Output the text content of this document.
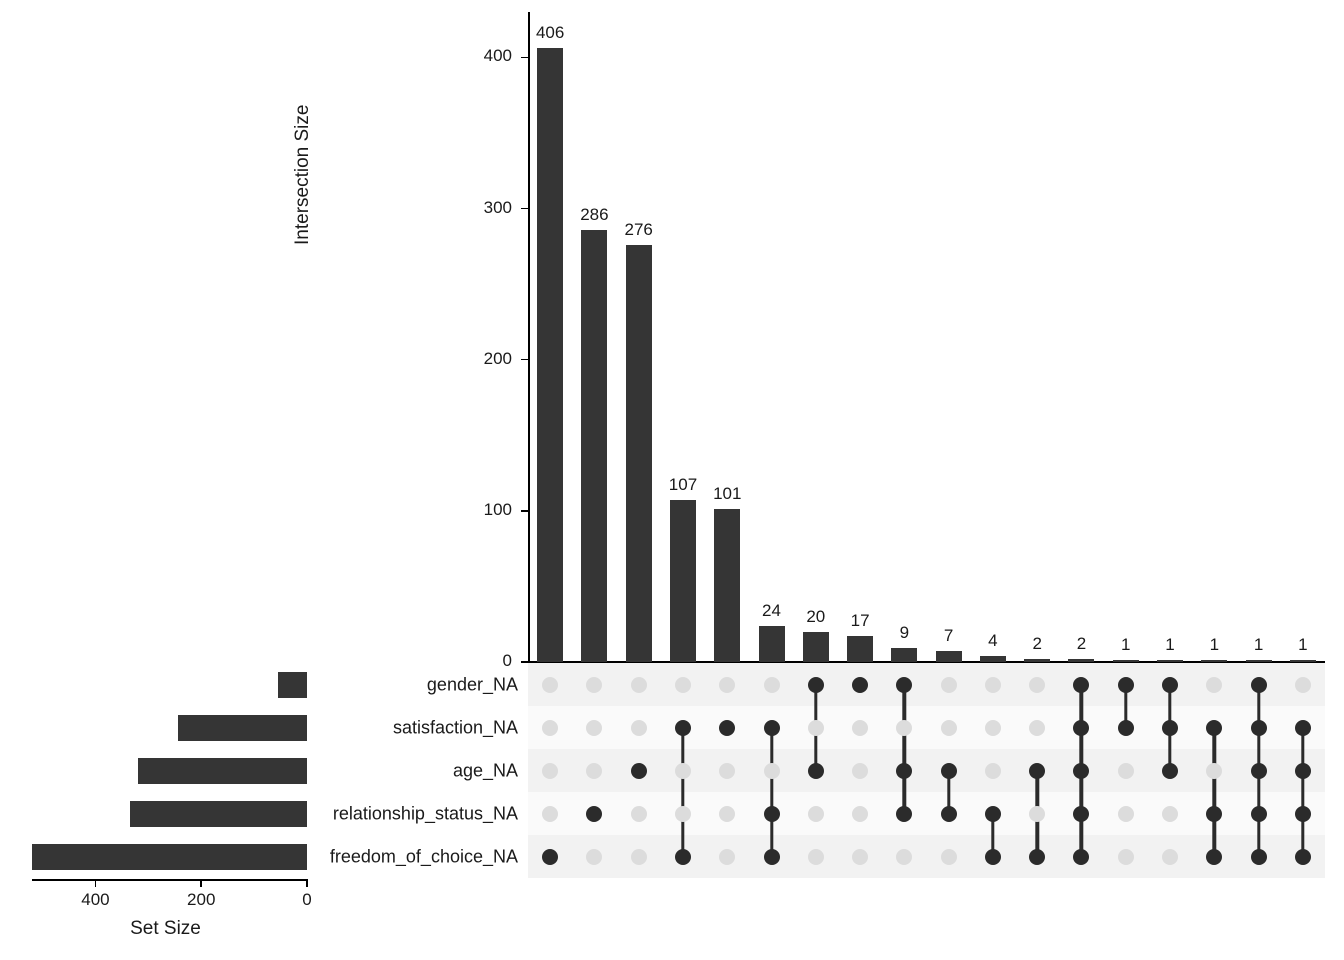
Intersection Size
0
100
200
300
400
406
286
276
107 101
24	20	17
9	7	4	2	2	1	1	1	1	1
gender_NA
satisfaction_NA
age_NA
relationship_status_NA
freedom_of_choice_NA
400	200	0
Set Size
